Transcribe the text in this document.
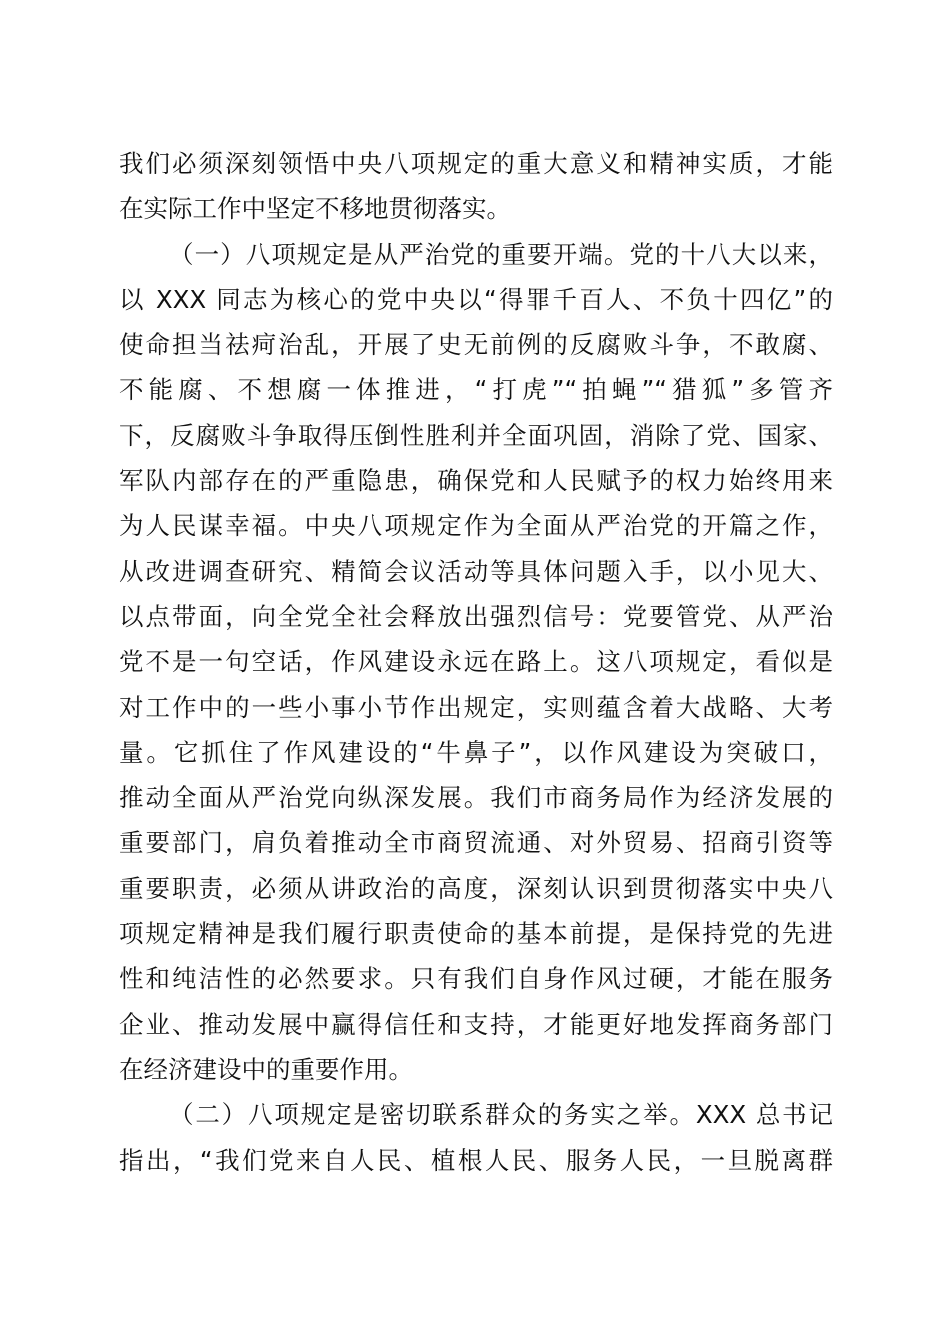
我们必须深刻领悟中央八项规定的重大意义和精神实质，才能
在实际工作中坚定不移地贯彻落实。
（一）八项规定是从严治党的重要开端。党的十八大以来，
以 XXX 同志为核心的党中央以“得罪千百人、不负十四亿”的
使命担当祛疴治乱，开展了史无前例的反腐败斗争，不敢腐、
不能腐、不想腐一体推进，“打虎”“拍蝇”“猎狐”多管齐
下，反腐败斗争取得压倒性胜利并全面巩固，消除了党、国家、
军队内部存在的严重隐患，确保党和人民赋予的权力始终用来
为人民谋幸福。中央八项规定作为全面从严治党的开篇之作，
从改进调查研究、精简会议活动等具体问题入手，以小见大、
以点带面，向全党全社会释放出强烈信号：党要管党、从严治
党不是一句空话，作风建设永远在路上。这八项规定，看似是
对工作中的一些小事小节作出规定，实则蕴含着大战略、大考
量。它抓住了作风建设的“牛鼻子”，以作风建设为突破口，
推动全面从严治党向纵深发展。我们市商务局作为经济发展的
重要部门，肩负着推动全市商贸流通、对外贸易、招商引资等
重要职责，必须从讲政治的高度，深刻认识到贯彻落实中央八
项规定精神是我们履行职责使命的基本前提，是保持党的先进
性和纯洁性的必然要求。只有我们自身作风过硬，才能在服务
企业、推动发展中赢得信任和支持，才能更好地发挥商务部门
在经济建设中的重要作用。
（二）八项规定是密切联系群众的务实之举。XXX 总书记
指出，“我们党来自人民、植根人民、服务人民，一旦脱离群
